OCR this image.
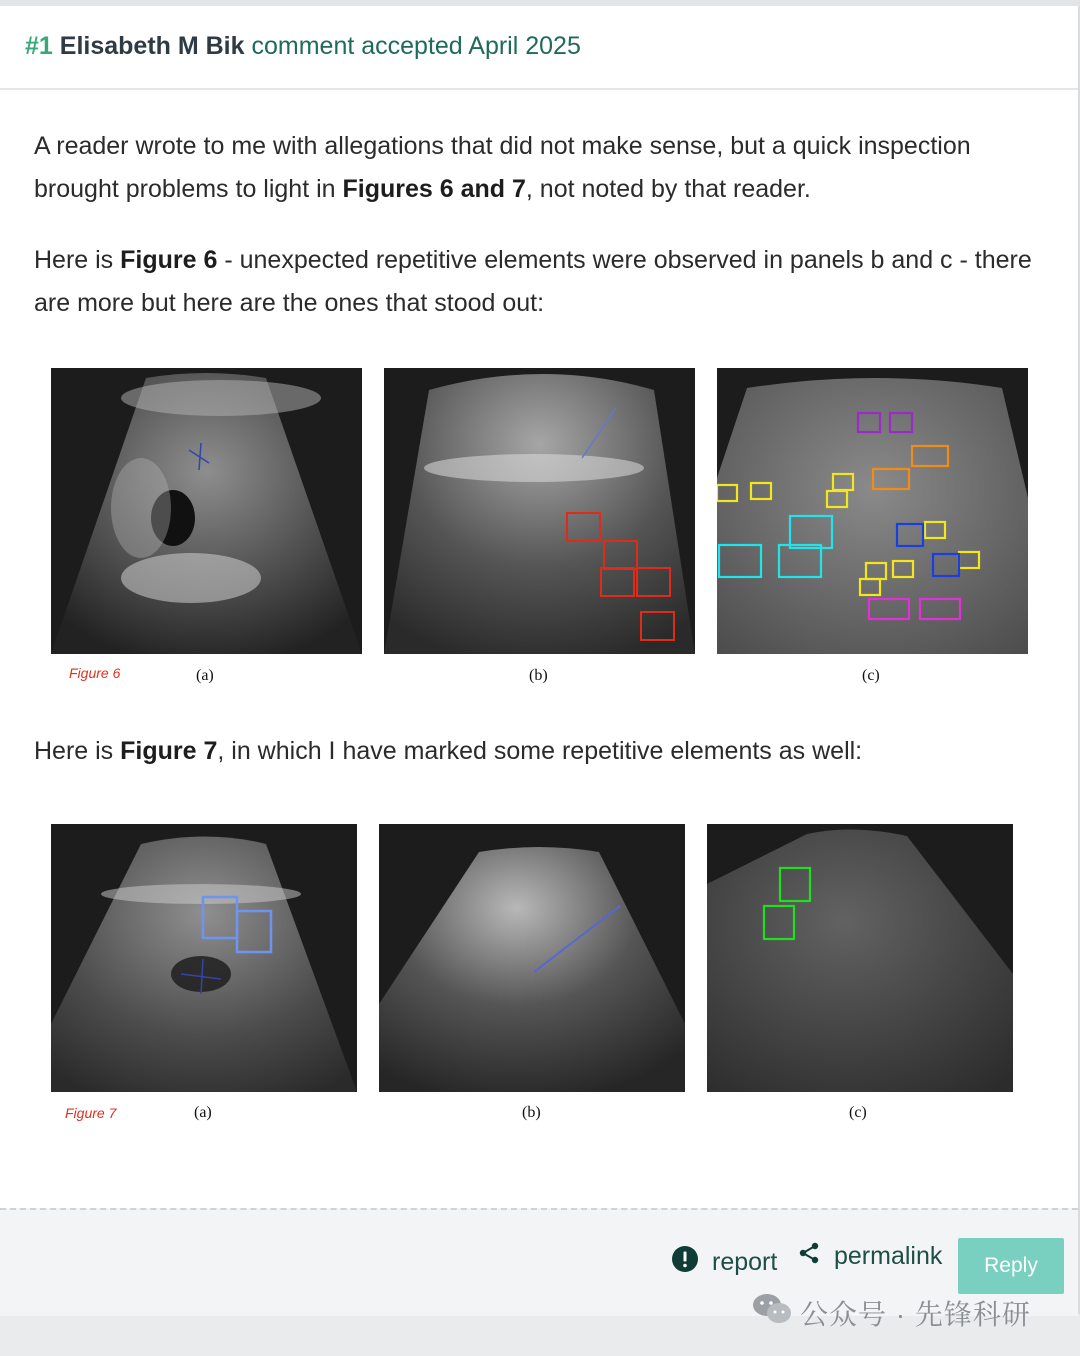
#1 Elisabeth M Bik comment accepted April 2025

A reader wrote to me with allegations that did not make sense, but a quick inspection brought problems to light in Figures 6 and 7, not noted by that reader.

Here is Figure 6 - unexpected repetitive elements were observed in panels b and c - there are more but here are the ones that stood out:

Figure 6	(a)	(b)	(c)

Here is Figure 7, in which I have marked some repetitive elements as well:

Figure 7	(a)	(b)	(c)
report permalink	Reply
公众号 · 先锋科研
